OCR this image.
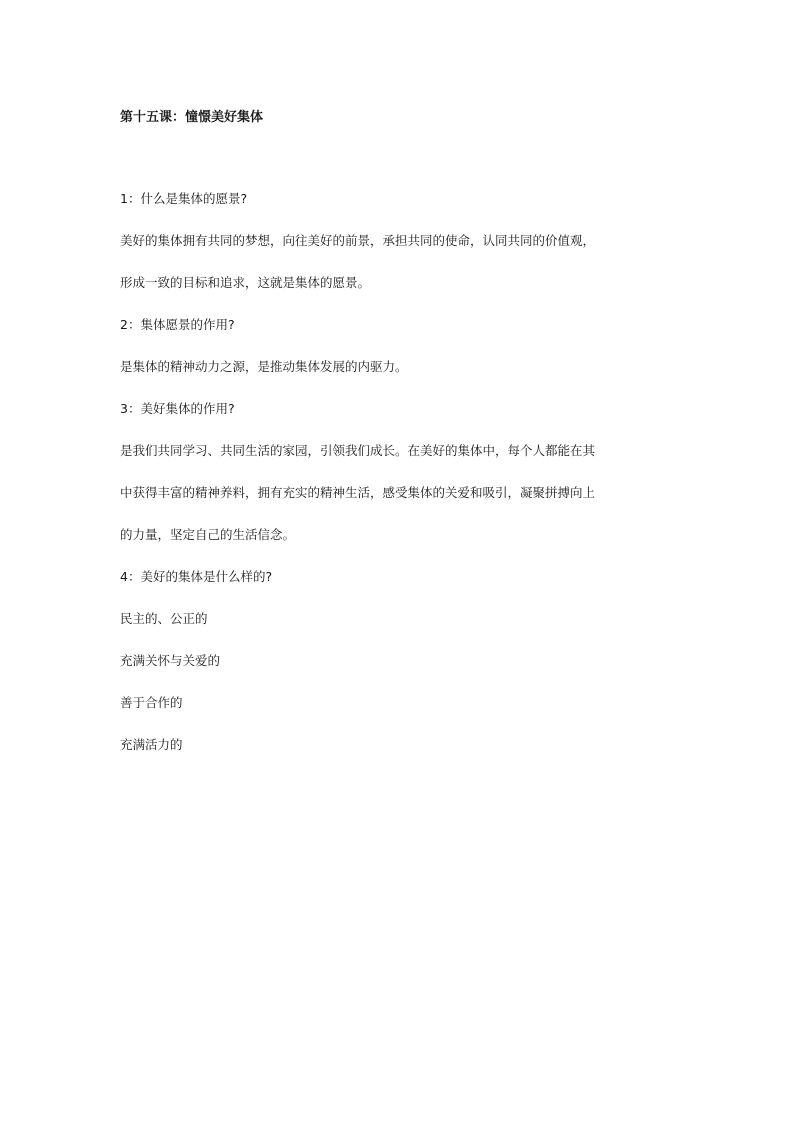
第十五课：憧憬美好集体
1：什么是集体的愿景?
美好的集体拥有共同的梦想，向往美好的前景，承担共同的使命，认同共同的价值观，
形成一致的目标和追求，这就是集体的愿景。
2：集体愿景的作用?
是集体的精神动力之源，是推动集体发展的内驱力。
3：美好集体的作用?
是我们共同学习、共同生活的家园，引领我们成长。在美好的集体中，每个人都能在其
中获得丰富的精神养料，拥有充实的精神生活，感受集体的关爱和吸引，凝聚拼搏向上
的力量，坚定自己的生活信念。
4：美好的集体是什么样的?
民主的、公正的
充满关怀与关爱的
善于合作的
充满活力的
